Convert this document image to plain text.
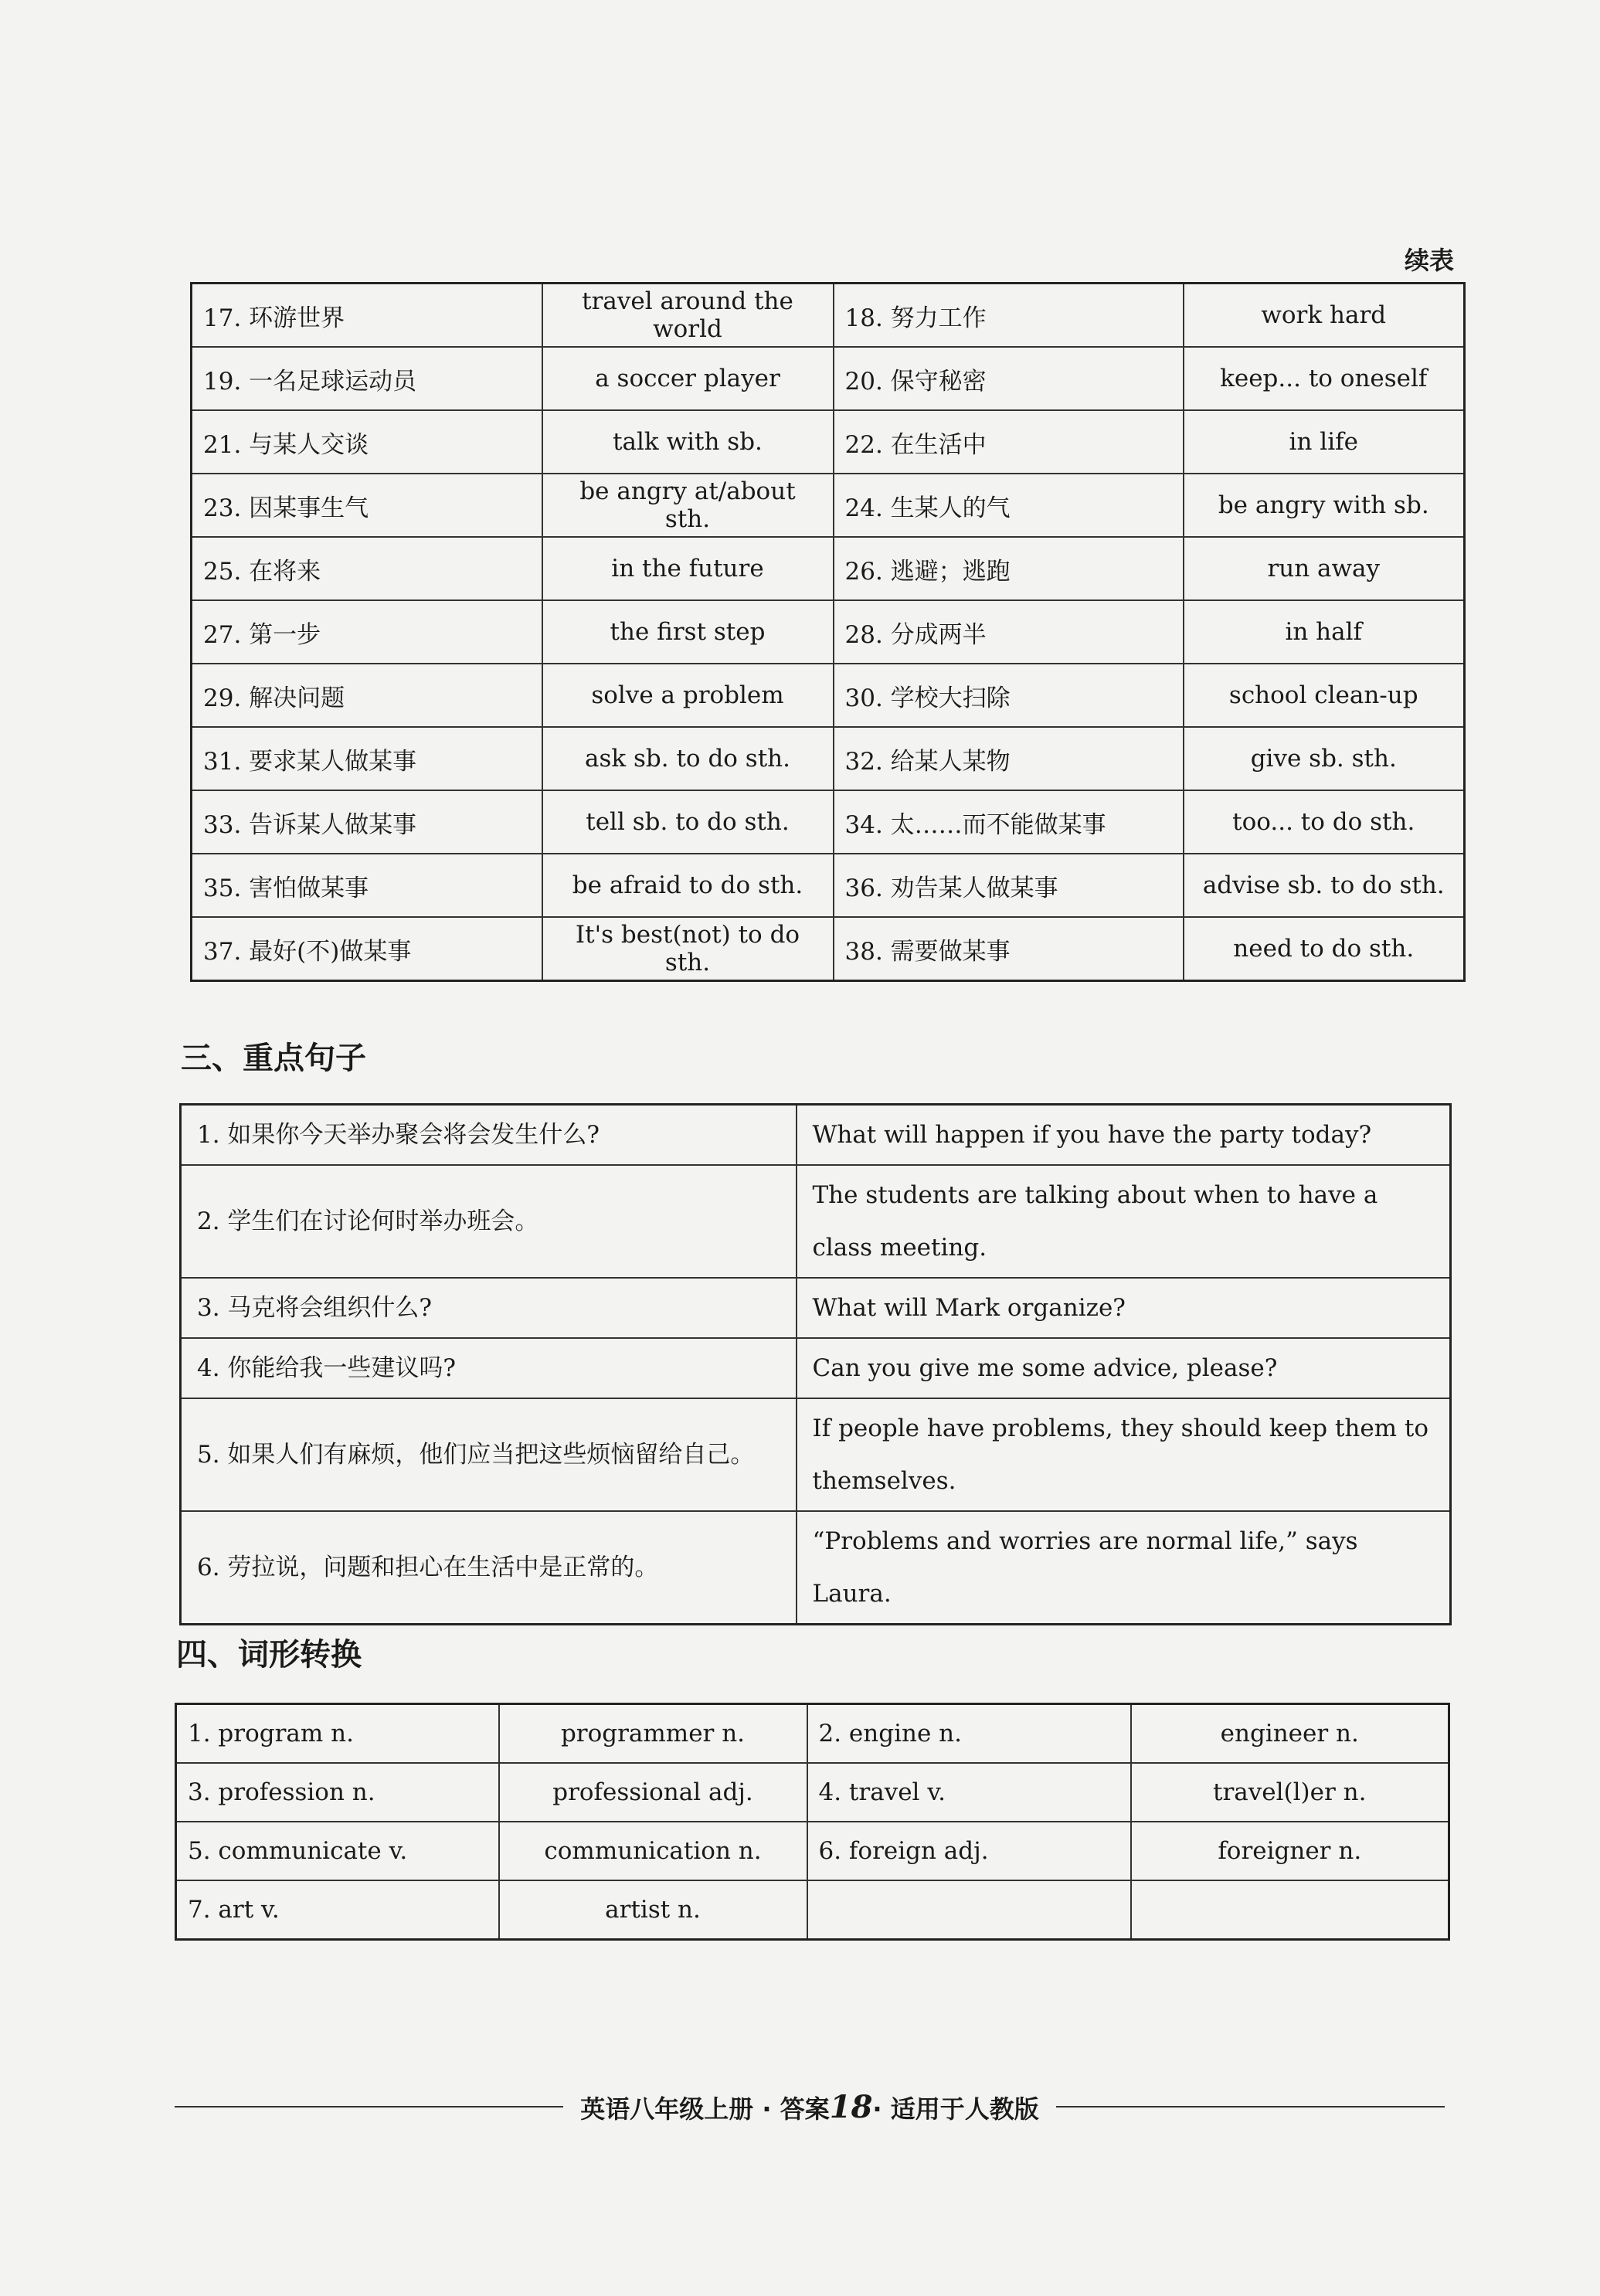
续表
17. 环游世界	travel around the world	18. 努力工作	work hard
19. 一名足球运动员	a soccer player	20. 保守秘密	keep... to oneself
21. 与某人交谈	talk with sb.	22. 在生活中	in life
23. 因某事生气	be angry at/about sth.	24. 生某人的气	be angry with sb.
25. 在将来	in the future	26. 逃避；逃跑	run away
27. 第一步	the first step	28. 分成两半	in half
29. 解决问题	solve a problem	30. 学校大扫除	school clean-up
31. 要求某人做某事	ask sb. to do sth.	32. 给某人某物	give sb. sth.
33. 告诉某人做某事	tell sb. to do sth.	34. 太……而不能做某事	too... to do sth.
35. 害怕做某事	be afraid to do sth.	36. 劝告某人做某事	advise sb. to do sth.
37. 最好(不)做某事	It's best(not) to do sth.	38. 需要做某事	need to do sth.
三、重点句子
1. 如果你今天举办聚会将会发生什么?	What will happen if you have the party today?
2. 学生们在讨论何时举办班会。	The students are talking about when to have a class meeting.
3. 马克将会组织什么?	What will Mark organize?
4. 你能给我一些建议吗?	Can you give me some advice, please?
5. 如果人们有麻烦，他们应当把这些烦恼留给自己。	If people have problems, they should keep them to themselves.
6. 劳拉说，问题和担心在生活中是正常的。	“Problems and worries are normal life,” says Laura.
四、词形转换
1. program n.	programmer n.	2. engine n.	engineer n.
3. profession n.	professional adj.	4. travel v.	travel(l)er n.
5. communicate v.	communication n.	6. foreign adj.	foreigner n.
7. art v.	artist n.		
英语八年级上册 · 答案18· 适用于人教版
